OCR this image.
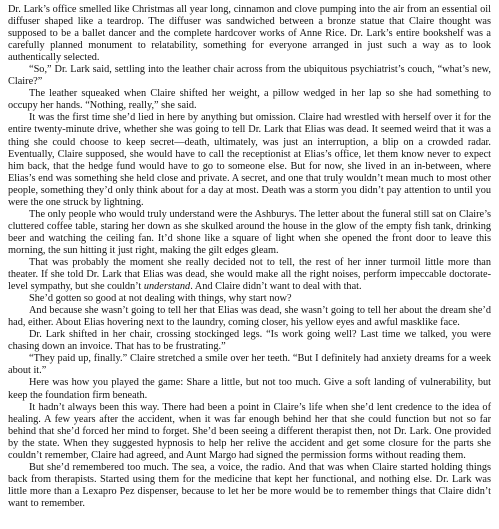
Dr. Lark’s office smelled like Christmas all year long, cinnamon and clove pumping into the air from an essential oil diffuser shaped like a teardrop. The diffuser was sandwiched between a bronze statue that Claire thought was supposed to be a ballet dancer and the complete hardcover works of Anne Rice. Dr. Lark’s entire bookshelf was a carefully planned monument to relatability, something for everyone arranged in just such a way as to look authentically selected.

“So,” Dr. Lark said, settling into the leather chair across from the ubiquitous psychiatrist’s couch, “what’s new, Claire?”

The leather squeaked when Claire shifted her weight, a pillow wedged in her lap so she had something to occupy her hands. “Nothing, really,” she said.

It was the first time she’d lied in here by anything but omission. Claire had wrestled with herself over it for the entire twenty-minute drive, whether she was going to tell Dr. Lark that Elias was dead. It seemed weird that it was a thing she could choose to keep secret—death, ultimately, was just an interruption, a blip on a crowded radar. Eventually, Claire supposed, she would have to call the receptionist at Elias’s office, let them know never to expect him back, that the hedge fund would have to go to someone else. But for now, she lived in an in-between, where Elias’s end was something she held close and private. A secret, and one that truly wouldn’t mean much to most other people, something they’d only think about for a day at most. Death was a storm you didn’t pay attention to until you were the one struck by lightning.

The only people who would truly understand were the Ashburys. The letter about the funeral still sat on Claire’s cluttered coffee table, staring her down as she skulked around the house in the glow of the empty fish tank, drinking beer and watching the ceiling fan. It’d shone like a square of light when she opened the front door to leave this morning, the sun hitting it just right, making the gilt edges gleam.

That was probably the moment she really decided not to tell, the rest of her inner turmoil little more than theater. If she told Dr. Lark that Elias was dead, she would make all the right noises, perform impeccable doctorate-level sympathy, but she couldn’t understand. And Claire didn’t want to deal with that.

She’d gotten so good at not dealing with things, why start now?

And because she wasn’t going to tell her that Elias was dead, she wasn’t going to tell her about the dream she’d had, either. About Elias hovering next to the laundry, coming closer, his yellow eyes and awful masklike face.

Dr. Lark shifted in her chair, crossing stockinged legs. “Is work going well? Last time we talked, you were chasing down an invoice. That has to be frustrating.”

“They paid up, finally.” Claire stretched a smile over her teeth. “But I definitely had anxiety dreams for a week about it.”

Here was how you played the game: Share a little, but not too much. Give a soft landing of vulnerability, but keep the foundation firm beneath.

It hadn’t always been this way. There had been a point in Claire’s life when she’d lent credence to the idea of healing. A few years after the accident, when it was far enough behind her that she could function but not so far behind that she’d forced her mind to forget. She’d been seeing a different therapist then, not Dr. Lark. One provided by the state. When they suggested hypnosis to help her relive the accident and get some closure for the parts she couldn’t remember, Claire had agreed, and Aunt Margo had signed the permission forms without reading them.

But she’d remembered too much. The sea, a voice, the radio. And that was when Claire started holding things back from therapists. Started using them for the medicine that kept her functional, and nothing else. Dr. Lark was little more than a Lexapro Pez dispenser, because to let her be more would be to remember things that Claire didn’t want to remember.
